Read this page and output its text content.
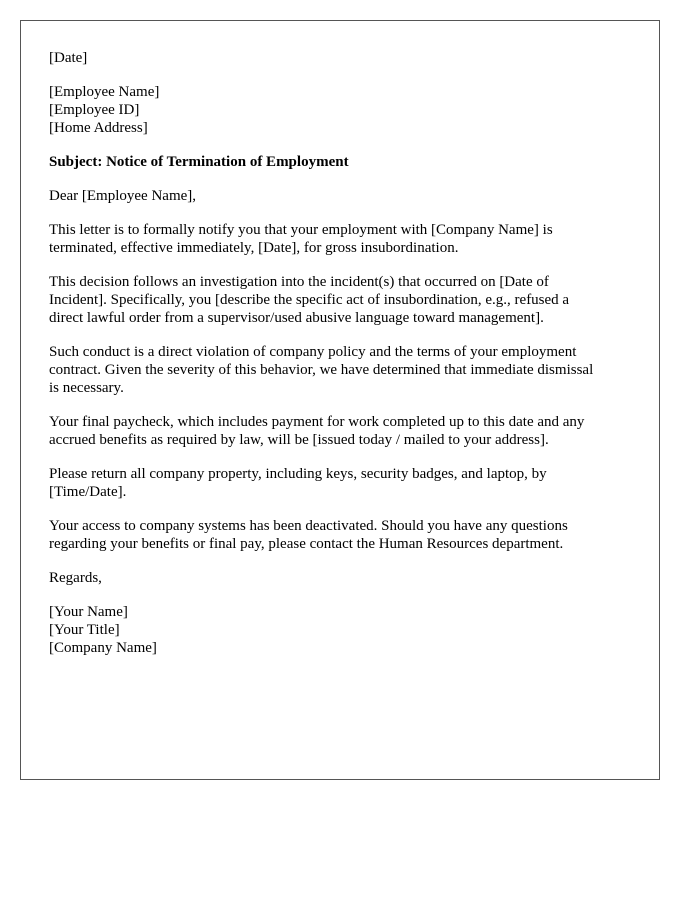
[Date]
[Employee Name]
[Employee ID]
[Home Address]
Subject: Notice of Termination of Employment
Dear [Employee Name],
This letter is to formally notify you that your employment with [Company Name] is
terminated, effective immediately, [Date], for gross insubordination.
This decision follows an investigation into the incident(s) that occurred on [Date of
Incident]. Specifically, you [describe the specific act of insubordination, e.g., refused a
direct lawful order from a supervisor/used abusive language toward management].
Such conduct is a direct violation of company policy and the terms of your employment
contract. Given the severity of this behavior, we have determined that immediate dismissal
is necessary.
Your final paycheck, which includes payment for work completed up to this date and any
accrued benefits as required by law, will be [issued today / mailed to your address].
Please return all company property, including keys, security badges, and laptop, by
[Time/Date].
Your access to company systems has been deactivated. Should you have any questions
regarding your benefits or final pay, please contact the Human Resources department.
Regards,
[Your Name]
[Your Title]
[Company Name]
